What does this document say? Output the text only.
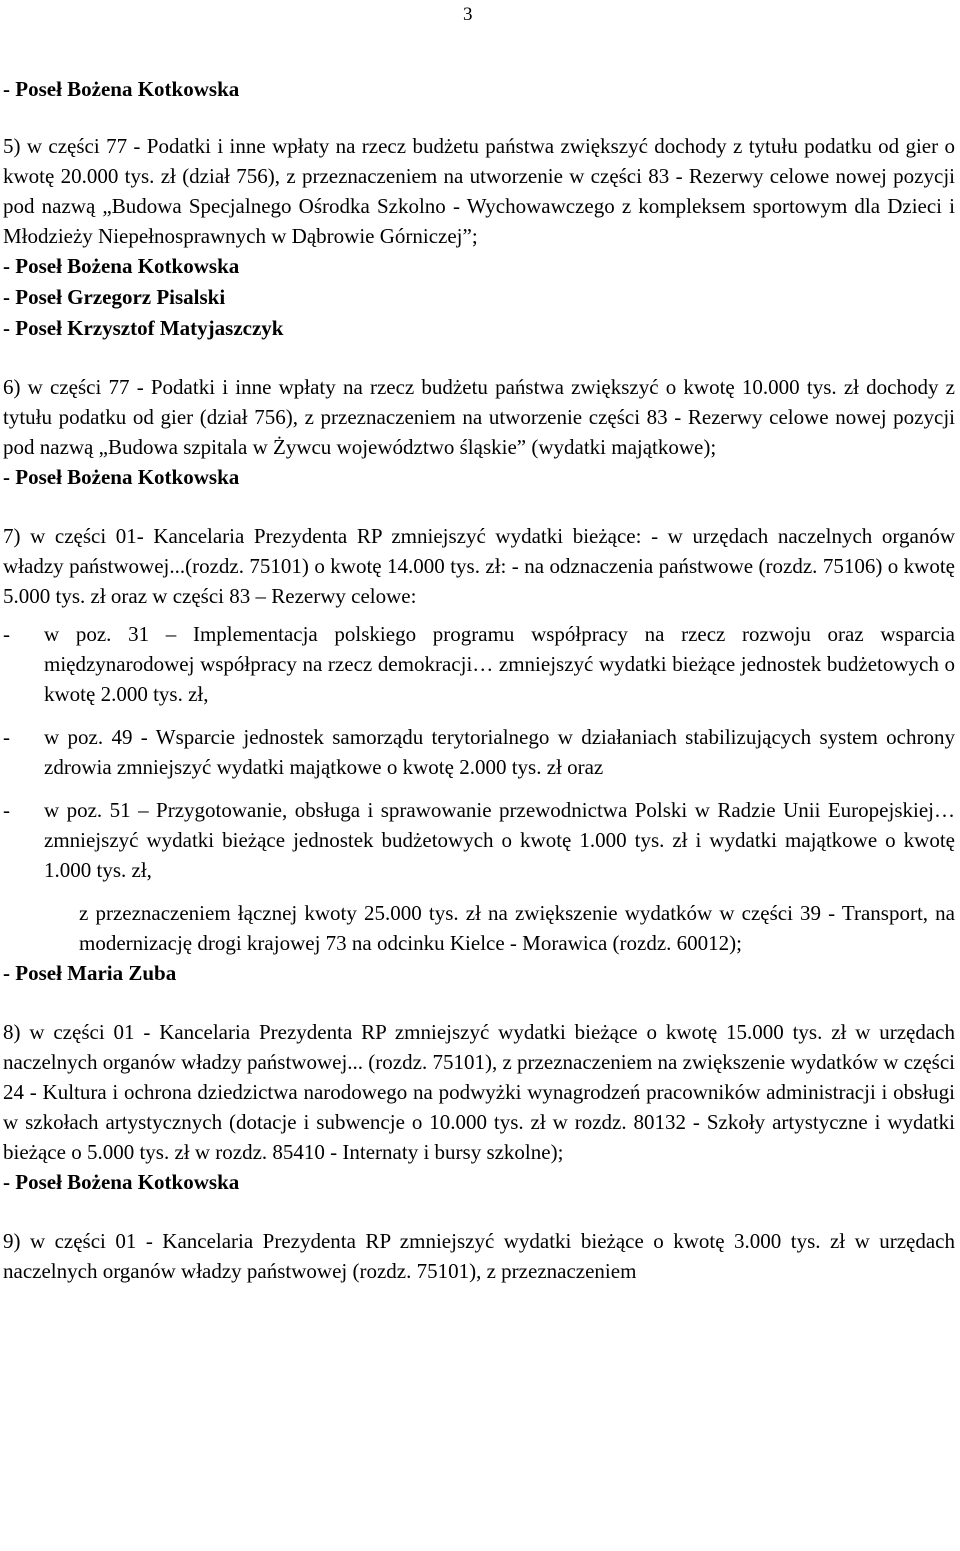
3

- Poseł Bożena Kotkowska

5) w części 77 - Podatki i inne wpłaty na rzecz budżetu państwa zwiększyć dochody z tytułu podatku od gier o kwotę 20.000 tys. zł (dział 756), z przeznaczeniem na utworzenie w części 83 - Rezerwy celowe nowej pozycji pod nazwą „Budowa Specjalnego Ośrodka Szkolno - Wychowawczego z kompleksem sportowym dla Dzieci i Młodzieży Niepełnosprawnych w Dąbrowie Górniczej”;

- Poseł Bożena Kotkowska

- Poseł Grzegorz Pisalski

- Poseł Krzysztof Matyjaszczyk

6) w części 77 - Podatki i inne wpłaty na rzecz budżetu państwa zwiększyć o kwotę 10.000 tys. zł dochody z tytułu podatku od gier (dział 756), z przeznaczeniem na utworzenie części 83 - Rezerwy celowe nowej pozycji pod nazwą „Budowa szpitala w Żywcu województwo śląskie” (wydatki majątkowe);

- Poseł Bożena Kotkowska

7) w części 01- Kancelaria Prezydenta RP zmniejszyć wydatki bieżące: - w urzędach naczelnych organów władzy państwowej...(rozdz. 75101) o kwotę 14.000 tys. zł: - na odznaczenia państwowe (rozdz. 75106) o kwotę 5.000 tys. zł oraz w części 83 – Rezerwy celowe:

-	w poz. 31 – Implementacja polskiego programu współpracy na rzecz rozwoju oraz wsparcia międzynarodowej współpracy na rzecz demokracji… zmniejszyć wydatki bieżące jednostek budżetowych o kwotę 2.000 tys. zł,
-	w poz. 49 - Wsparcie jednostek samorządu terytorialnego w działaniach stabilizujących system ochrony zdrowia zmniejszyć wydatki majątkowe o kwotę 2.000 tys. zł oraz
-	w poz. 51 – Przygotowanie, obsługa i sprawowanie przewodnictwa Polski w Radzie Unii Europejskiej… zmniejszyć wydatki bieżące jednostek budżetowych o kwotę 1.000 tys. zł i wydatki majątkowe o kwotę 1.000 tys. zł,

z przeznaczeniem łącznej kwoty 25.000 tys. zł na zwiększenie wydatków w części 39 - Transport, na modernizację drogi krajowej 73 na odcinku Kielce - Morawica (rozdz. 60012);

- Poseł Maria Zuba

8) w części 01 - Kancelaria Prezydenta RP zmniejszyć wydatki bieżące o kwotę 15.000 tys. zł w urzędach naczelnych organów władzy państwowej... (rozdz. 75101), z przeznaczeniem na zwiększenie wydatków w części 24 - Kultura i ochrona dziedzictwa narodowego na podwyżki wynagrodzeń pracowników administracji i obsługi w szkołach artystycznych (dotacje i subwencje o 10.000 tys. zł w rozdz. 80132 - Szkoły artystyczne i wydatki bieżące o 5.000 tys. zł w rozdz. 85410 - Internaty i bursy szkolne);

- Poseł Bożena Kotkowska

9) w części 01 - Kancelaria Prezydenta RP zmniejszyć wydatki bieżące o kwotę 3.000 tys. zł w urzędach naczelnych organów władzy państwowej (rozdz. 75101), z przeznaczeniem
